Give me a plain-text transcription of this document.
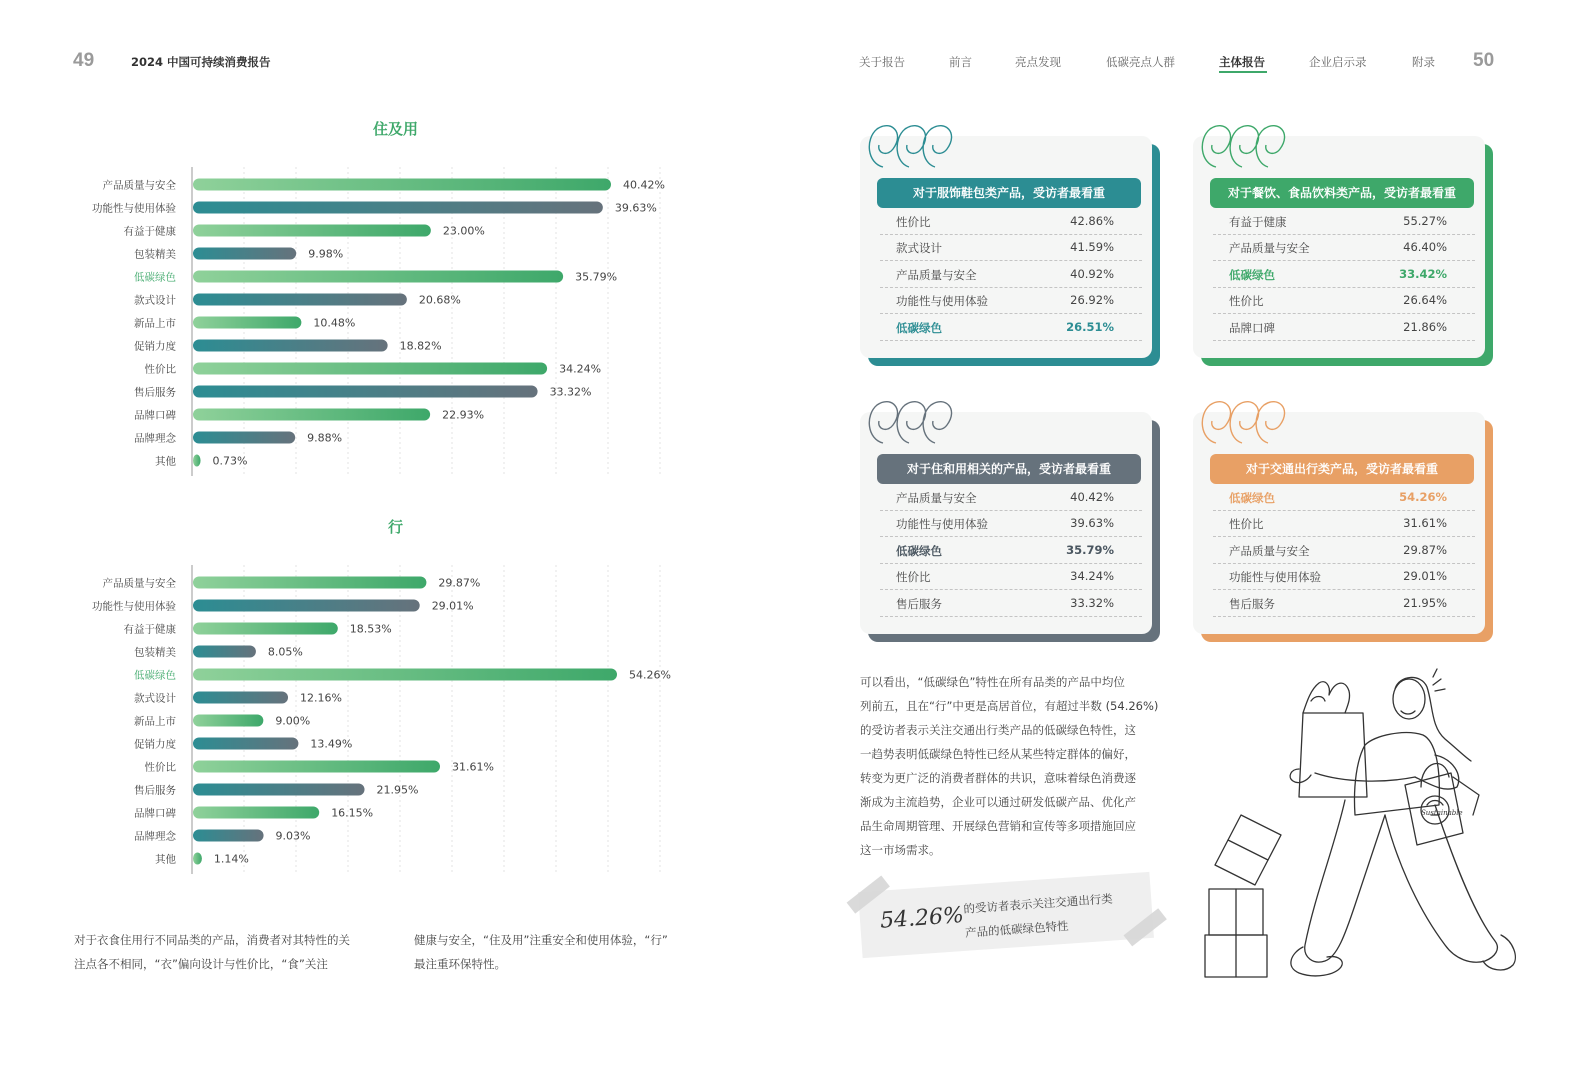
49	2024 中国可持续消费报告	50
关于报告	前言	亮点发现	低碳亮点人群	主体报告	企业启示录	附录
住及用
产品质量与安全	40.42%
功能性与使用体验	39.63%
有益于健康	23.00%
包装精美	9.98%
低碳绿色	35.79%
款式设计	20.68%
新品上市	10.48%
促销力度	18.82%
性价比	34.24%
售后服务	33.32%
品牌口碑	22.93%
品牌理念	9.88%
其他	0.73%
行
产品质量与安全	29.87%
功能性与使用体验	29.01%
有益于健康	18.53%
包装精美	8.05%
低碳绿色	54.26%
款式设计	12.16%
新品上市	9.00%
促销力度	13.49%
性价比	31.61%
售后服务	21.95%
品牌口碑	16.15%
品牌理念	9.03%
其他	1.14%
对于衣食住用行不同品类的产品，消费者对其特性的关
注点各不相同，“衣”偏向设计与性价比，“食”关注
健康与安全，“住及用”注重安全和使用体验，“行”
最注重环保特性。
对于服饰鞋包类产品，受访者最看重
性价比	42.86%
款式设计	41.59%
产品质量与安全	40.92%
功能性与使用体验	26.92%
低碳绿色	26.51%
对于餐饮、食品饮料类产品，受访者最看重
有益于健康	55.27%
产品质量与安全	46.40%
低碳绿色	33.42%
性价比	26.64%
品牌口碑	21.86%
对于住和用相关的产品，受访者最看重
产品质量与安全	40.42%
功能性与使用体验	39.63%
低碳绿色	35.79%
性价比	34.24%
售后服务	33.32%
对于交通出行类产品，受访者最看重
低碳绿色	54.26%
性价比	31.61%
产品质量与安全	29.87%
功能性与使用体验	29.01%
售后服务	21.95%
可以看出，“低碳绿色”特性在所有品类的产品中均位
列前五，且在“行”中更是高居首位，有超过半数 (54.26%)
的受访者表示关注交通出行类产品的低碳绿色特性，这
一趋势表明低碳绿色特性已经从某些特定群体的偏好，
转变为更广泛的消费者群体的共识，意味着绿色消费逐
渐成为主流趋势，企业可以通过研发低碳产品、优化产
品生命周期管理、开展绿色营销和宣传等多项措施回应
这一市场需求。
54.26%
的受访者表示关注交通出行类
产品的低碳绿色特性
Sustainable
